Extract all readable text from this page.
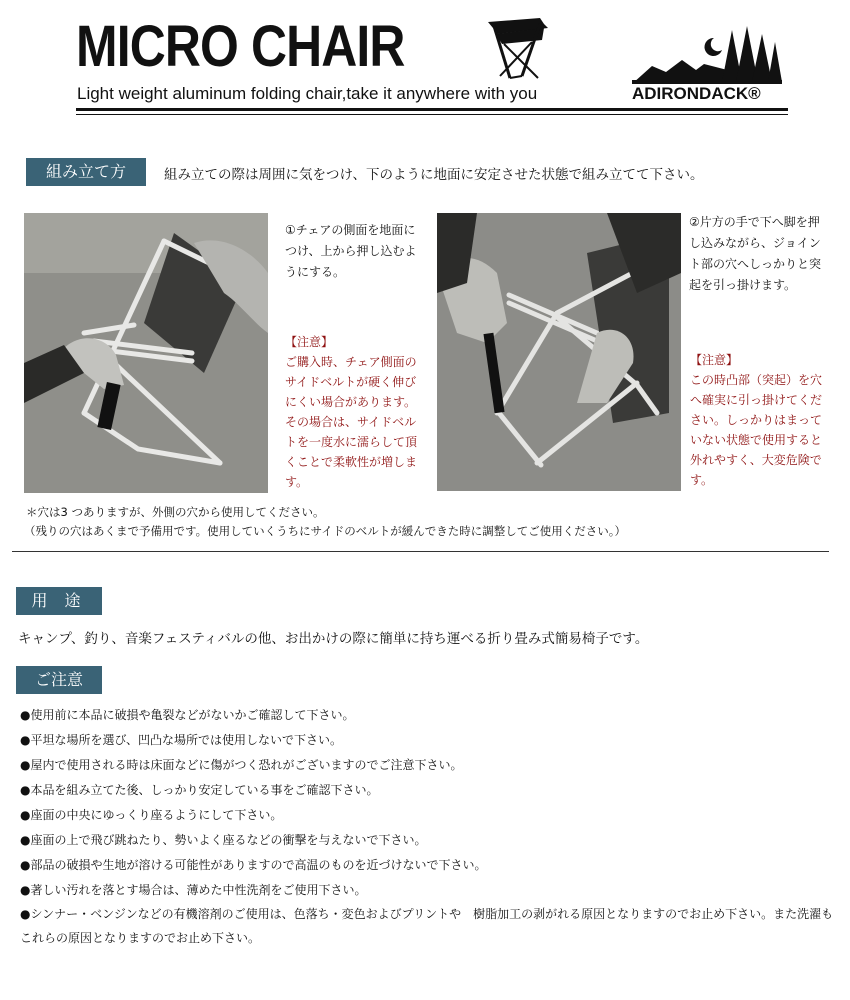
MICRO CHAIR
Light weight aluminum folding chair,take it anywhere with you	ADIRONDACK®
組み立て方	組み立ての際は周囲に気をつけ、下のように地面に安定させた状態で組み立てて下さい。
①チェアの側面を地面につけ、上から押し込むようにする。
【注意】
ご購入時、チェア側面のサイドベルトが硬く伸びにくい場合があります。その場合は、サイドベルトを一度水に濡らして頂くことで柔軟性が増します。
②片方の手で下へ脚を押し込みながら、ジョイント部の穴へしっかりと突起を引っ掛けます。
【注意】
この時凸部（突起）を穴へ確実に引っ掛けてください。しっかりはまっていない状態で使用すると外れやすく、大変危険です。
＊穴は3 つありますが、外側の穴から使用してください。
（残りの穴はあくまで予備用です。使用していくうちにサイドのベルトが緩んできた時に調整してご使用ください。）
用 途
キャンプ、釣り、音楽フェスティバルの他、お出かけの際に簡単に持ち運べる折り畳み式簡易椅子です。
ご注意
●使用前に本品に破損や亀裂などがないかご確認して下さい。
●平坦な場所を選び、凹凸な場所では使用しないで下さい。
●屋内で使用される時は床面などに傷がつく恐れがございますのでご注意下さい。
●本品を組み立てた後、しっかり安定している事をご確認下さい。
●座面の中央にゆっくり座るようにして下さい。
●座面の上で飛び跳ねたり、勢いよく座るなどの衝撃を与えないで下さい。
●部品の破損や生地が溶ける可能性がありますので高温のものを近づけないで下さい。
●著しい汚れを落とす場合は、薄めた中性洗剤をご使用下さい。
●シンナー・ベンジンなどの有機溶剤のご使用は、色落ち・変色およびプリントや　樹脂加工の剥がれる原因となりますのでお止め下さい。また洗濯もこれらの原因となりますのでお止め下さい。
